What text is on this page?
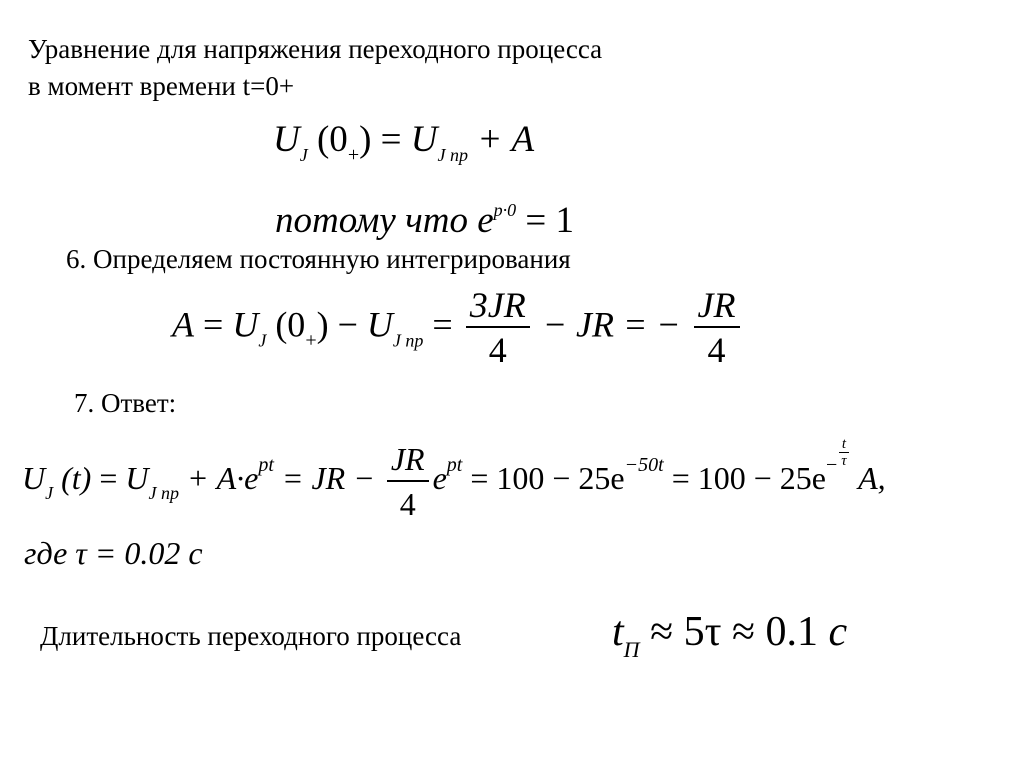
Уравнение для напряжения переходного процесса
в момент времени t=0+
$U_J$ $(0_+) = U_{J пр} + A$
потому что $e^{p\cdot 0} = 1$
6. Определяем постоянную интегрирования
$A = U_J$ $(0_+) - U_{J пр} = \frac{3JR}{4}$ − JR = − $\frac{JR}{4}$
7. Ответ:
$U_J$ $(t) = U_{J пр} + A\cdot e^{pt}$ = JR − $\frac{JR}{4} e^{pt} = 100 - 25e^{-50t} = 100 - 25e^- \frac{t}{\tau}$
A,
где τ = 0.02 с
Длительность переходного процесса	$t_П \approx 5\tau \approx 0.1$ с
